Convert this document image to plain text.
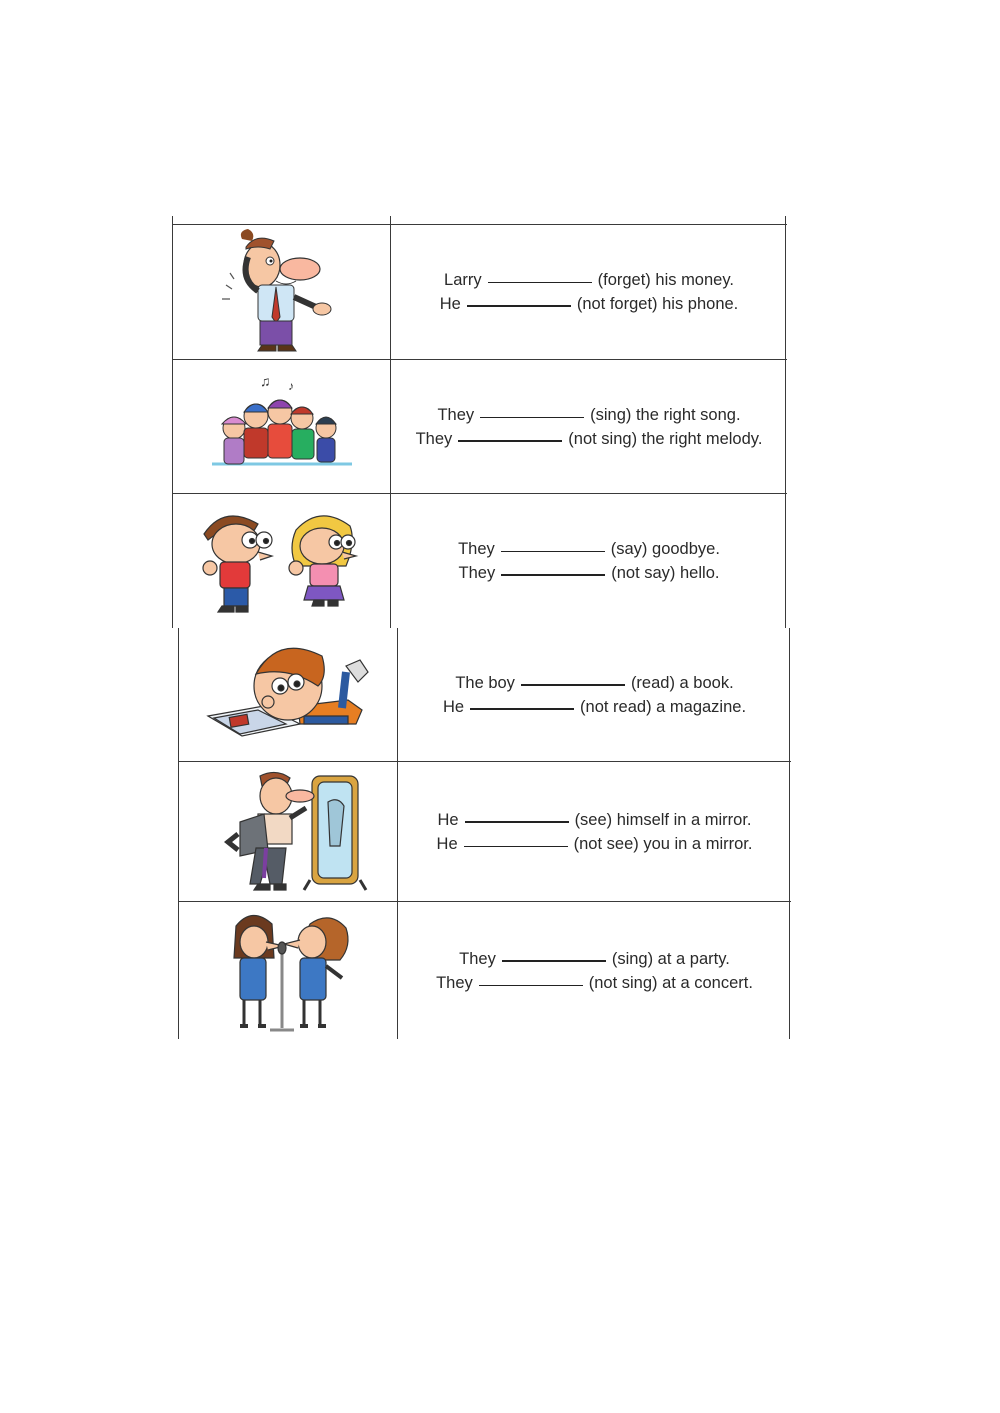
Larry	(forget) his money.
He	(not forget) his phone.
♫ ♪
They	(sing) the right song.
They	(not sing) the right melody.
They	(say) goodbye.
They	(not say) hello.
The boy	(read) a book.
He	(not read) a magazine.
He	(see) himself in a mirror.
He	(not see) you in a mirror.
They	(sing) at a party.
They	(not sing) at a concert.
